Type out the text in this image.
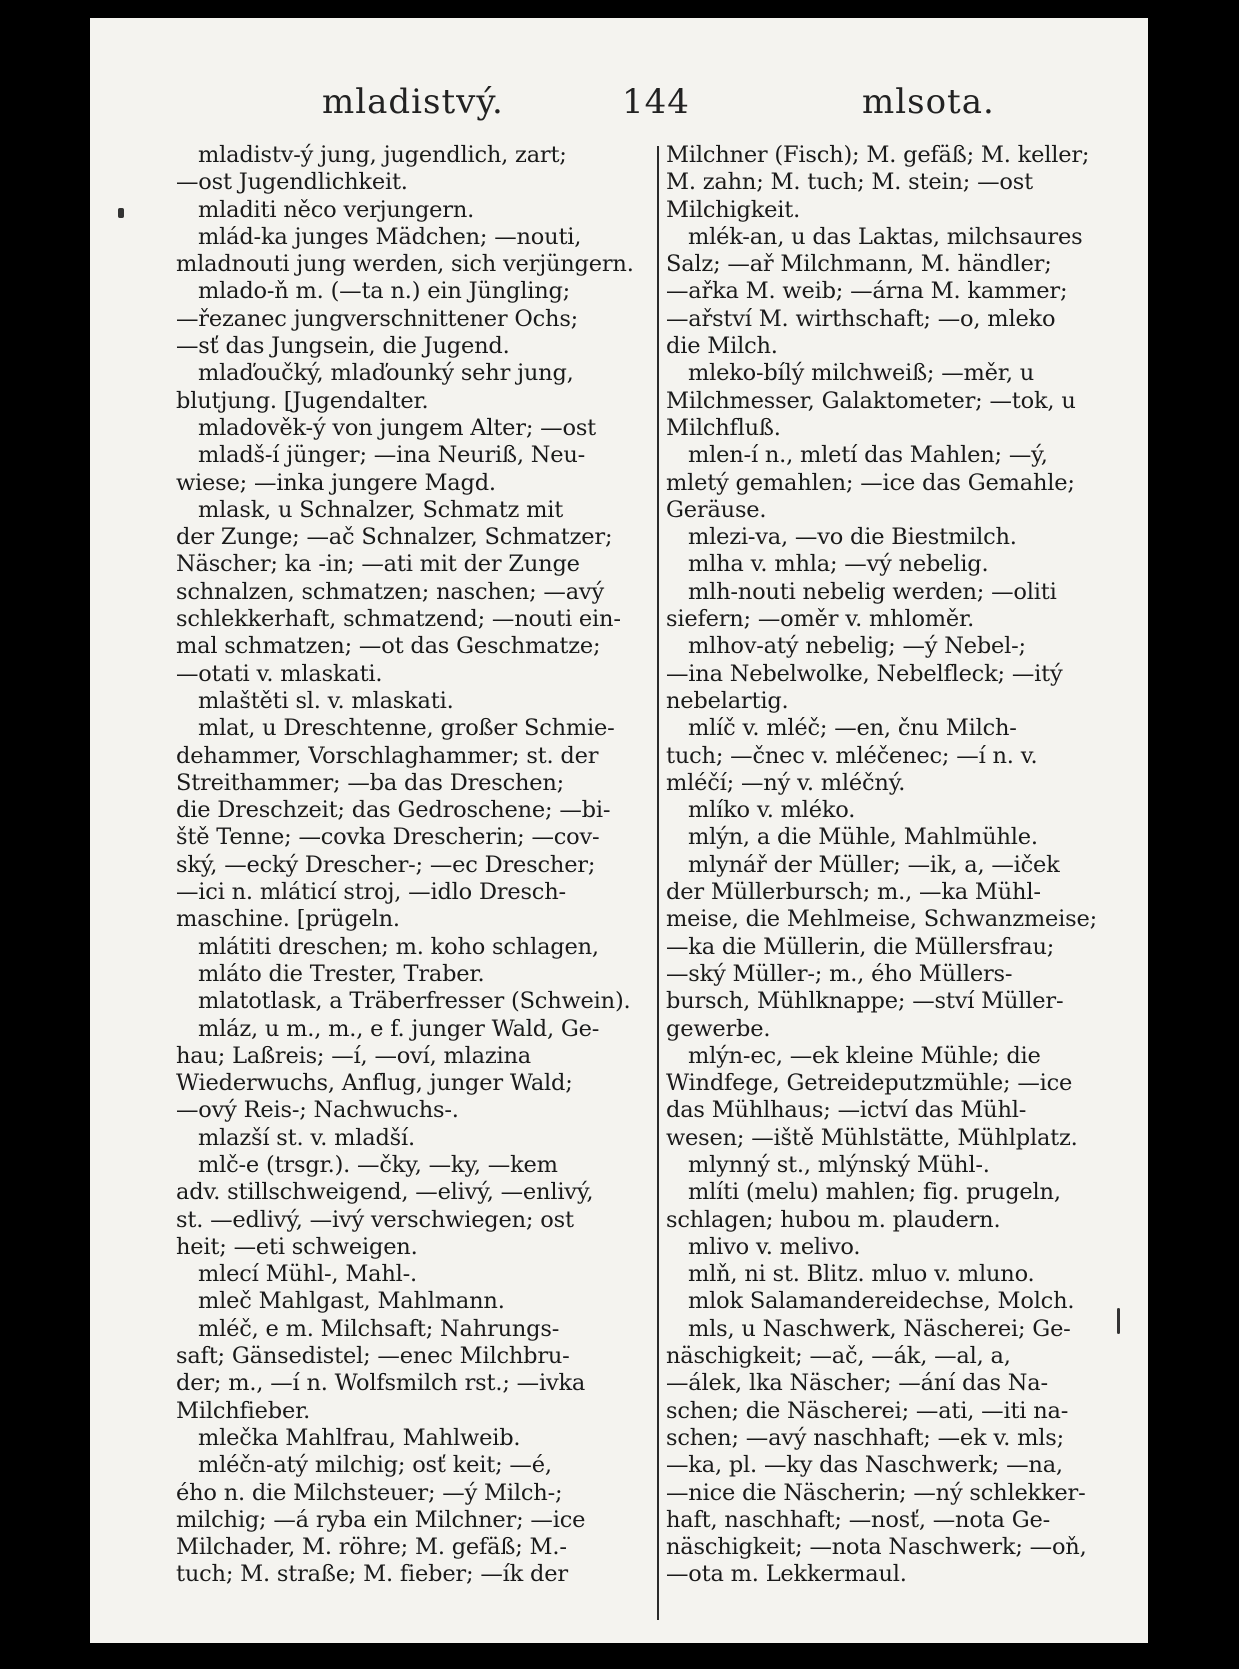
mladistvý.	144	mlsota.
mladistv-ý jung, jugendlich, zart;
—ost Jugendlichkeit.
mladiti něco verjungern.
mlád-ka junges Mädchen; —nouti,
mladnouti jung werden, sich verjüngern.
mlado-ň m. (—ta n.) ein Jüngling;
—řezanec jungverschnittener Ochs;
—sť das Jungsein, die Jugend.
mlaďoučký, mlaďounký sehr jung,
blutjung. [Jugendalter.
mladověk-ý von jungem Alter; —ost
mladš-í jünger; —ina Neuriß, Neu-
wiese; —inka jungere Magd.
mlask, u Schnalzer, Schmatz mit
der Zunge; —ač Schnalzer, Schmatzer;
Näscher; ka -in; —ati mit der Zunge
schnalzen, schmatzen; naschen; —avý
schlekkerhaft, schmatzend; —nouti ein-
mal schmatzen; —ot das Geschmatze;
—otati v. mlaskati.
mlaštěti sl. v. mlaskati.
mlat, u Dreschtenne, großer Schmie-
dehammer, Vorschlaghammer; st. der
Streithammer; —ba das Dreschen;
die Dreschzeit; das Gedroschene; —bi-
ště Tenne; —covka Drescherin; —cov-
ský, —ecký Drescher-; —ec Drescher;
—ici n. mláticí stroj, —idlo Dresch-
maschine. [prügeln.
mlátiti dreschen; m. koho schlagen,
mláto die Trester, Traber.
mlatotlask, a Träberfresser (Schwein).
mláz, u m., m., e f. junger Wald, Ge-
hau; Laßreis; —í, —oví, mlazina
Wiederwuchs, Anflug, junger Wald;
—ový Reis-; Nachwuchs-.
mlazší st. v. mladší.
mlč-e (trsgr.). —čky, —ky, —kem
adv. stillschweigend, —elivý, —enlivý,
st. —edlivý, —ivý verschwiegen; ost
heit; —eti schweigen.
mlecí Mühl-, Mahl-.
mleč Mahlgast, Mahlmann.
mléč, e m. Milchsaft; Nahrungs-
saft; Gänsedistel; —enec Milchbru-
der; m., —í n. Wolfsmilch rst.; —ivka
Milchfieber.
mlečka Mahlfrau, Mahlweib.
mléčn-atý milchig; osť keit; —é,
ého n. die Milchsteuer; —ý Milch-;
milchig; —á ryba ein Milchner; —ice
Milchader, M. röhre; M. gefäß; M.-
tuch; M. straße; M. fieber; —ík der
Milchner (Fisch); M. gefäß; M. keller;
M. zahn; M. tuch; M. stein; —ost
Milchigkeit.
mlék-an, u das Laktas, milchsaures
Salz; —ař Milchmann, M. händler;
—ařka M. weib; —árna M. kammer;
—ařství M. wirthschaft; —o, mleko
die Milch.
mleko-bílý milchweiß; —měr, u
Milchmesser, Galaktometer; —tok, u
Milchfluß.
mlen-í n., mletí das Mahlen; —ý,
mletý gemahlen; —ice das Gemahle;
Geräuse.
mlezi-va, —vo die Biestmilch.
mlha v. mhla; —vý nebelig.
mlh-nouti nebelig werden; —oliti
siefern; —oměr v. mhloměr.
mlhov-atý nebelig; —ý Nebel-;
—ina Nebelwolke, Nebelfleck; —itý
nebelartig.
mlíč v. mléč; —en, čnu Milch-
tuch; —čnec v. mléčenec; —í n. v.
mléčí; —ný v. mléčný.
mlíko v. mléko.
mlýn, a die Mühle, Mahlmühle.
mlynář der Müller; —ik, a, —iček
der Müllerbursch; m., —ka Mühl-
meise, die Mehlmeise, Schwanzmeise;
—ka die Müllerin, die Müllersfrau;
—ský Müller-; m., ého Müllers-
bursch, Mühlknappe; —ství Müller-
gewerbe.
mlýn-ec, —ek kleine Mühle; die
Windfege, Getreideputzmühle; —ice
das Mühlhaus; —ictví das Mühl-
wesen; —iště Mühlstätte, Mühlplatz.
mlynný st., mlýnský Mühl-.
mlíti (melu) mahlen; fig. prugeln,
schlagen; hubou m. plaudern.
mlivo v. melivo.
mlň, ni st. Blitz. mluo v. mluno.
mlok Salamandereidechse, Molch.
mls, u Naschwerk, Näscherei; Ge-
näschigkeit; —ač, —ák, —al, a,
—álek, lka Näscher; —ání das Na-
schen; die Näscherei; —ati, —iti na-
schen; —avý naschhaft; —ek v. mls;
—ka, pl. —ky das Naschwerk; —na,
—nice die Näscherin; —ný schlekker-
haft, naschhaft; —nosť, —nota Ge-
näschigkeit; —nota Naschwerk; —oň,
—ota m. Lekkermaul.
